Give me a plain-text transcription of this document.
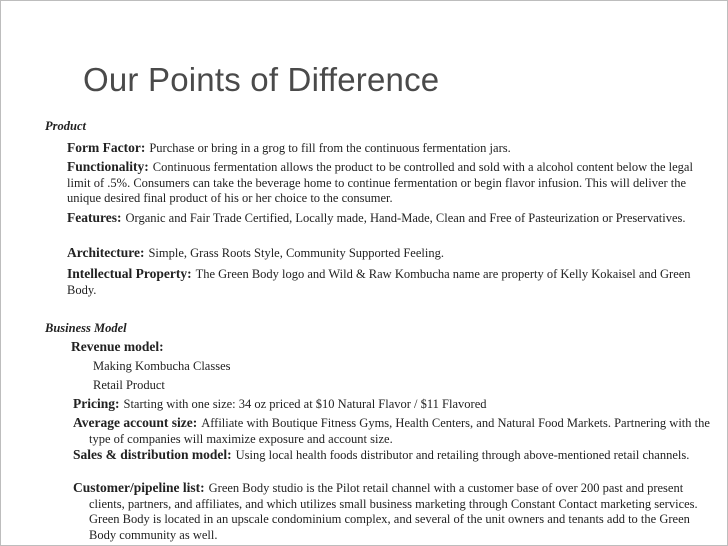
Our Points of Difference
Product
Form Factor: Purchase or bring in a grog to fill from the continuous fermentation jars.
Functionality: Continuous fermentation allows the product to be controlled and sold with a alcohol content below the legal limit of .5%. Consumers can take the beverage home to continue fermentation or begin flavor infusion. This will deliver the unique desired final product of his or her choice to the consumer.
Features: Organic and Fair Trade Certified, Locally made, Hand-Made, Clean and Free of Pasteurization or Preservatives.
Architecture: Simple, Grass Roots Style, Community Supported Feeling.
Intellectual Property: The Green Body logo and Wild & Raw Kombucha name are property of Kelly Kokaisel and Green Body.
Business Model
Revenue model:
Making Kombucha Classes
Retail Product
Pricing: Starting with one size: 34 oz priced at $10 Natural Flavor / $11 Flavored
Average account size: Affiliate with Boutique Fitness Gyms, Health Centers, and Natural Food Markets. Partnering with the type of companies will maximize exposure and account size.
Sales & distribution model: Using local health foods distributor and retailing through above-mentioned retail channels.
Customer/pipeline list: Green Body studio is the Pilot retail channel with a customer base of over 200 past and present clients, partners, and affiliates, and which utilizes small business marketing through Constant Contact marketing services. Green Body is located in an upscale condominium complex, and several of the unit owners and tenants add to the Green Body community as well.
